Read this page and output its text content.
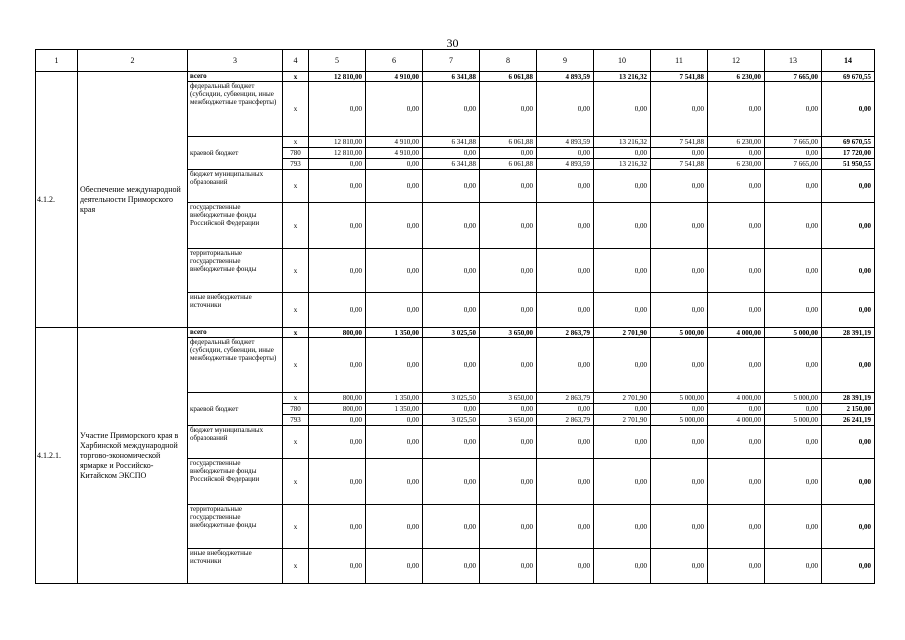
30
1	2	3	4	5	6	7	8	9	10	11	12	13	14
4.1.2.	Обеспечение международной деятельности Приморского края	всего	х	12 810,00	4 910,00	6 341,88	6 061,88	4 893,59	13 216,32	7 541,88	6 230,00	7 665,00	69 670,55
		федеральный бюджет (субсидии, субвенции, иные межбюджетные трансферты)	х	0,00	0,00	0,00	0,00	0,00	0,00	0,00	0,00	0,00	0,00
		краевой бюджет	х	12 810,00	4 910,00	6 341,88	6 061,88	4 893,59	13 216,32	7 541,88	6 230,00	7 665,00	69 670,55
			780	12 810,00	4 910,00	0,00	0,00	0,00	0,00	0,00	0,00	0,00	17 720,00
			793	0,00	0,00	6 341,88	6 061,88	4 893,59	13 216,32	7 541,88	6 230,00	7 665,00	51 950,55
		бюджет муниципальных образований	х	0,00	0,00	0,00	0,00	0,00	0,00	0,00	0,00	0,00	0,00
		государственные внебюджетные фонды Российской Федерации	х	0,00	0,00	0,00	0,00	0,00	0,00	0,00	0,00	0,00	0,00
		территориальные государственные внебюджетные фонды	х	0,00	0,00	0,00	0,00	0,00	0,00	0,00	0,00	0,00	0,00
		иные внебюджетные источники	х	0,00	0,00	0,00	0,00	0,00	0,00	0,00	0,00	0,00	0,00
4.1.2.1.	Участие Приморского края в Харбинской международной торгово-экономической ярмарке и Российско-Китайском ЭКСПО	всего	х	800,00	1 350,00	3 025,50	3 650,00	2 863,79	2 701,90	5 000,00	4 000,00	5 000,00	28 391,19
		федеральный бюджет (субсидии, субвенции, иные межбюджетные трансферты)	х	0,00	0,00	0,00	0,00	0,00	0,00	0,00	0,00	0,00	0,00
		краевой бюджет	х	800,00	1 350,00	3 025,50	3 650,00	2 863,79	2 701,90	5 000,00	4 000,00	5 000,00	28 391,19
			780	800,00	1 350,00	0,00	0,00	0,00	0,00	0,00	0,00	0,00	2 150,00
			793	0,00	0,00	3 025,50	3 650,00	2 863,79	2 701,90	5 000,00	4 000,00	5 000,00	26 241,19
		бюджет муниципальных образований	х	0,00	0,00	0,00	0,00	0,00	0,00	0,00	0,00	0,00	0,00
		государственные внебюджетные фонды Российской Федерации	х	0,00	0,00	0,00	0,00	0,00	0,00	0,00	0,00	0,00	0,00
		территориальные государственные внебюджетные фонды	х	0,00	0,00	0,00	0,00	0,00	0,00	0,00	0,00	0,00	0,00
		иные внебюджетные источники	х	0,00	0,00	0,00	0,00	0,00	0,00	0,00	0,00	0,00	0,00
